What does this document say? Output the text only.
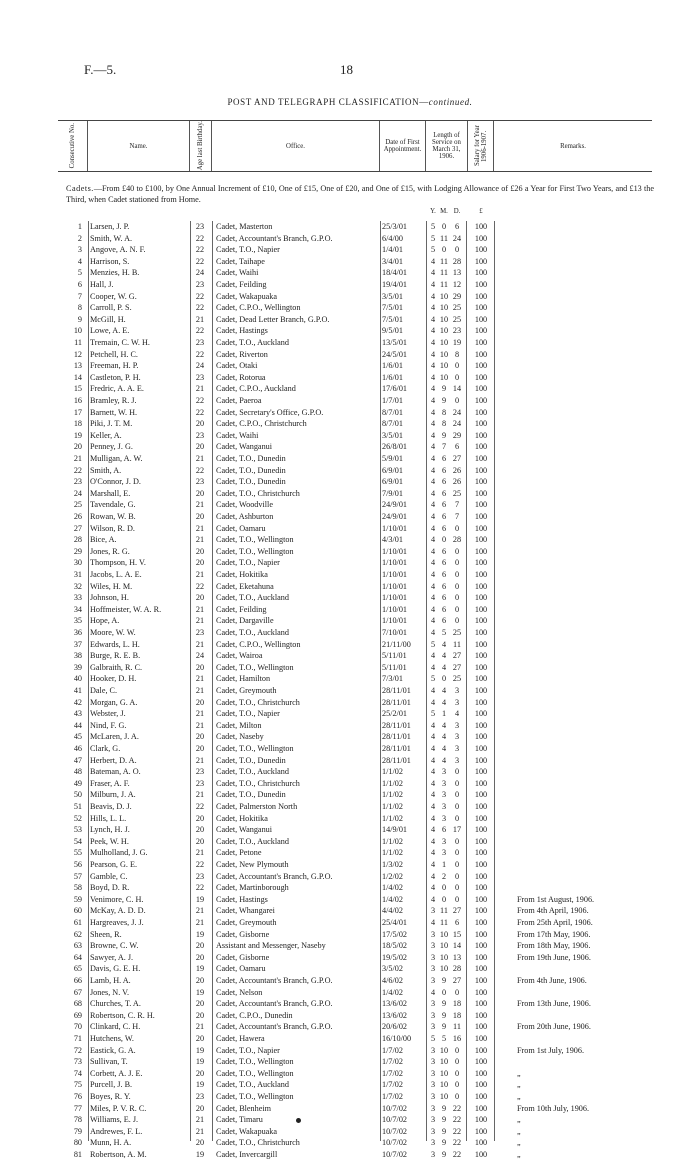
F.—5.	18
POST AND TELEGRAPH CLASSIFICATION—continued.
Consecutive No.	Name.	Age last Birthday.	Office.	Date of First Appointment.
Length of Service on March 31, 1906.	Salary for Year 1906-1907.	Remarks.
Cadets.—From £40 to £100, by One Annual Increment of £10, One of £15, One of £20, and One of £15, with Lodging Allowance of £26 a Year for First Two Years, and £13 the Third, when Cadet stationed from Home.
Y. M. D.	£
1 Larsen, J. P.	23	Cadet, Masterton	25/3/01	5 0	6	100
2 Smith, W. A.	22	Cadet, Accountant's Branch, G.P.O.	6/4/00	5 11 24	100
3 Angove, A. N. F.	22	Cadet, T.O., Napier	1/4/01	5 0	0	100
4 Harrison, S.	22	Cadet, Taihape	3/4/01	4 11 28	100
5 Menzies, H. B.	24	Cadet, Waihi	18/4/01	4 11 13	100
6 Hall, J.	23	Cadet, Feilding	19/4/01	4 11 12	100
7 Cooper, W. G.	22	Cadet, Wakapuaka	3/5/01	4 10 29	100
8 Carroll, P. S.	22	Cadet, C.P.O., Wellington	7/5/01	4 10 25	100
9 McGill, H.	21	Cadet, Dead Letter Branch, G.P.O.	7/5/01	4 10 25	100
10 Lowe, A. E.	22	Cadet, Hastings	9/5/01	4 10 23	100
11 Tremain, C. W. H.	23	Cadet, T.O., Auckland	13/5/01	4 10 19	100
12 Petchell, H. C.	22	Cadet, Riverton	24/5/01	4 10 8	100
13 Freeman, H. P.	24	Cadet, Otaki	1/6/01	4 10 0	100
14 Castleton, P. H.	23	Cadet, Rotorua	1/6/01	4 10 0	100
15 Fredric, A. A. E.	21	Cadet, C.P.O., Auckland	17/6/01	4 9 14	100
16 Bramley, R. J.	22	Cadet, Paeroa	1/7/01	4 9	0	100
17 Barnett, W. H.	22	Cadet, Secretary's Office, G.P.O.	8/7/01	4 8 24	100
18 Piki, J. T. M.	20	Cadet, C.P.O., Christchurch	8/7/01	4 8 24	100
19 Keller, A.	23	Cadet, Waihi	3/5/01	4 9 29	100
20 Penney, J. G.	20	Cadet, Wanganui	26/8/01	4 7	6	100
21 Mulligan, A. W.	21	Cadet, T.O., Dunedin	5/9/01	4 6 27	100
22 Smith, A.	22	Cadet, T.O., Dunedin	6/9/01	4 6 26	100
23 O'Connor, J. D.	23	Cadet, T.O., Dunedin	6/9/01	4 6 26	100
24 Marshall, E.	20	Cadet, T.O., Christchurch	7/9/01	4 6 25	100
25 Tavendale, G.	21	Cadet, Woodville	24/9/01	4 6	7	100
26 Rowan, W. B.	20	Cadet, Ashburton	24/9/01	4 6	7	100
27 Wilson, R. D.	21	Cadet, Oamaru	1/10/01	4 6	0	100
28 Bice, A.	21	Cadet, T.O., Wellington	4/3/01	4 0 28	100
29 Jones, R. G.	20	Cadet, T.O., Wellington	1/10/01	4 6	0	100
30 Thompson, H. V.	20	Cadet, T.O., Napier	1/10/01	4 6	0	100
31 Jacobs, L. A. E.	21	Cadet, Hokitika	1/10/01	4 6	0	100
32 Wiles, H. M.	22	Cadet, Eketahuna	1/10/01	4 6	0	100
33 Johnson, H.	20	Cadet, T.O., Auckland	1/10/01	4 6	0	100
34 Hoffmeister, W. A. R.	21	Cadet, Feilding	1/10/01	4 6	0	100
35 Hope, A.	21	Cadet, Dargaville	1/10/01	4 6	0	100
36 Moore, W. W.	23	Cadet, T.O., Auckland	7/10/01	4 5 25	100
37 Edwards, L. H.	21	Cadet, C.P.O., Wellington	21/11/00	5 4 11	100
38 Burge, R. E. B.	24	Cadet, Wairoa	5/11/01	4 4 27	100
39 Galbraith, R. C.	20	Cadet, T.O., Wellington	5/11/01	4 4 27	100
40 Hooker, D. H.	21	Cadet, Hamilton	7/3/01	5 0 25	100
41 Dale, C.	21	Cadet, Greymouth	28/11/01	4 4	3	100
42 Morgan, G. A.	20	Cadet, T.O., Christchurch	28/11/01	4 4	3	100
43 Webster, J.	21	Cadet, T.O., Napier	25/2/01	5 1	4	100
44 Nind, F. G.	21	Cadet, Milton	28/11/01	4 4	3	100
45 McLaren, J. A.	20	Cadet, Naseby	28/11/01	4 4	3	100
46 Clark, G.	20	Cadet, T.O., Wellington	28/11/01	4 4	3	100
47 Herbert, D. A.	21	Cadet, T.O., Dunedin	28/11/01	4 4	3	100
48 Bateman, A. O.	23	Cadet, T.O., Auckland	1/1/02	4 3	0	100
49 Fraser, A. F.	23	Cadet, T.O., Christchurch	1/1/02	4 3	0	100
50 Milburn, J. A.	21	Cadet, T.O., Dunedin	1/1/02	4 3	0	100
51 Beavis, D. J.	22	Cadet, Palmerston North	1/1/02	4 3	0	100
52 Hills, L. L.	20	Cadet, Hokitika	1/1/02	4 3	0	100
53 Lynch, H. J.	20	Cadet, Wanganui	14/9/01	4 6 17	100
54 Peek, W. H.	20	Cadet, T.O., Auckland	1/1/02	4 3	0	100
55 Mulholland, J. G.	21	Cadet, Petone	1/1/02	4 3	0	100
56 Pearson, G. E.	22	Cadet, New Plymouth	1/3/02	4 1	0	100
57 Gamble, C.	23	Cadet, Accountant's Branch, G.P.O.	1/2/02	4 2	0	100
58 Boyd, D. R.	22	Cadet, Martinborough	1/4/02	4 0	0	100
59 Venimore, C. H.	19	Cadet, Hastings	1/4/02	4 0	0	100	From 1st August, 1906.
60 McKay, A. D. D.	21	Cadet, Whangarei	4/4/02	3 11 27	100	From 4th April, 1906.
61 Hargreaves, J. J.	21	Cadet, Greymouth	25/4/01	4 11 6	100	From 25th April, 1906.
62 Sheen, R.	19	Cadet, Gisborne	17/5/02	3 10 15	100	From 17th May, 1906.
63 Browne, C. W.	20	Assistant and Messenger, Naseby	18/5/02	3 10 14	100	From 18th May, 1906.
64 Sawyer, A. J.	20	Cadet, Gisborne	19/5/02	3 10 13	100	From 19th June, 1906.
65 Davis, G. E. H.	19	Cadet, Oamaru	3/5/02	3 10 28	100
66 Lamb, H. A.	20	Cadet, Accountant's Branch, G.P.O.	4/6/02	3 9 27	100	From 4th June, 1906.
67 Jones, N. V.	19	Cadet, Nelson	1/4/02	4 0	0	100
68 Churches, T. A.	20	Cadet, Accountant's Branch, G.P.O.	13/6/02	3 9 18	100	From 13th June, 1906.
69 Robertson, C. R. H.	20	Cadet, C.P.O., Dunedin	13/6/02	3 9 18	100
70 Clinkard, C. H.	21	Cadet, Accountant's Branch, G.P.O.	20/6/02	3 9 11	100	From 20th June, 1906.
71 Hutchens, W.	20	Cadet, Hawera	16/10/00	5 5 16	100
72 Eastick, G. A.	19	Cadet, T.O., Napier	1/7/02	3 10 0	100	From 1st July, 1906.
73 Sullivan, T.	19	Cadet, T.O., Wellington	1/7/02	3 10 0	100
74 Corbett, A. J. E.	20	Cadet, T.O., Wellington	1/7/02	3 10 0	100	„
75 Purcell, J. B.	19	Cadet, T.O., Auckland	1/7/02	3 10 0	100	„
76 Boyes, R. Y.	23	Cadet, T.O., Wellington	1/7/02	3 10 0	100	„
77 Miles, P. V. R. C.	20	Cadet, Blenheim	10/7/02	3 9 22	100	From 10th July, 1906.
78 Williams, E. J.	21	Cadet, Timaru	10/7/02	3 9 22	100	„
79 Andrewes, F. L.	21	Cadet, Wakapuaka	10/7/02	3 9 22	100	„
80 Munn, H. A.	20	Cadet, T.O., Christchurch	10/7/02	3 9 22	100	„
81 Robertson, A. M.	19	Cadet, Invercargill	10/7/02	3 9 22	100	„
